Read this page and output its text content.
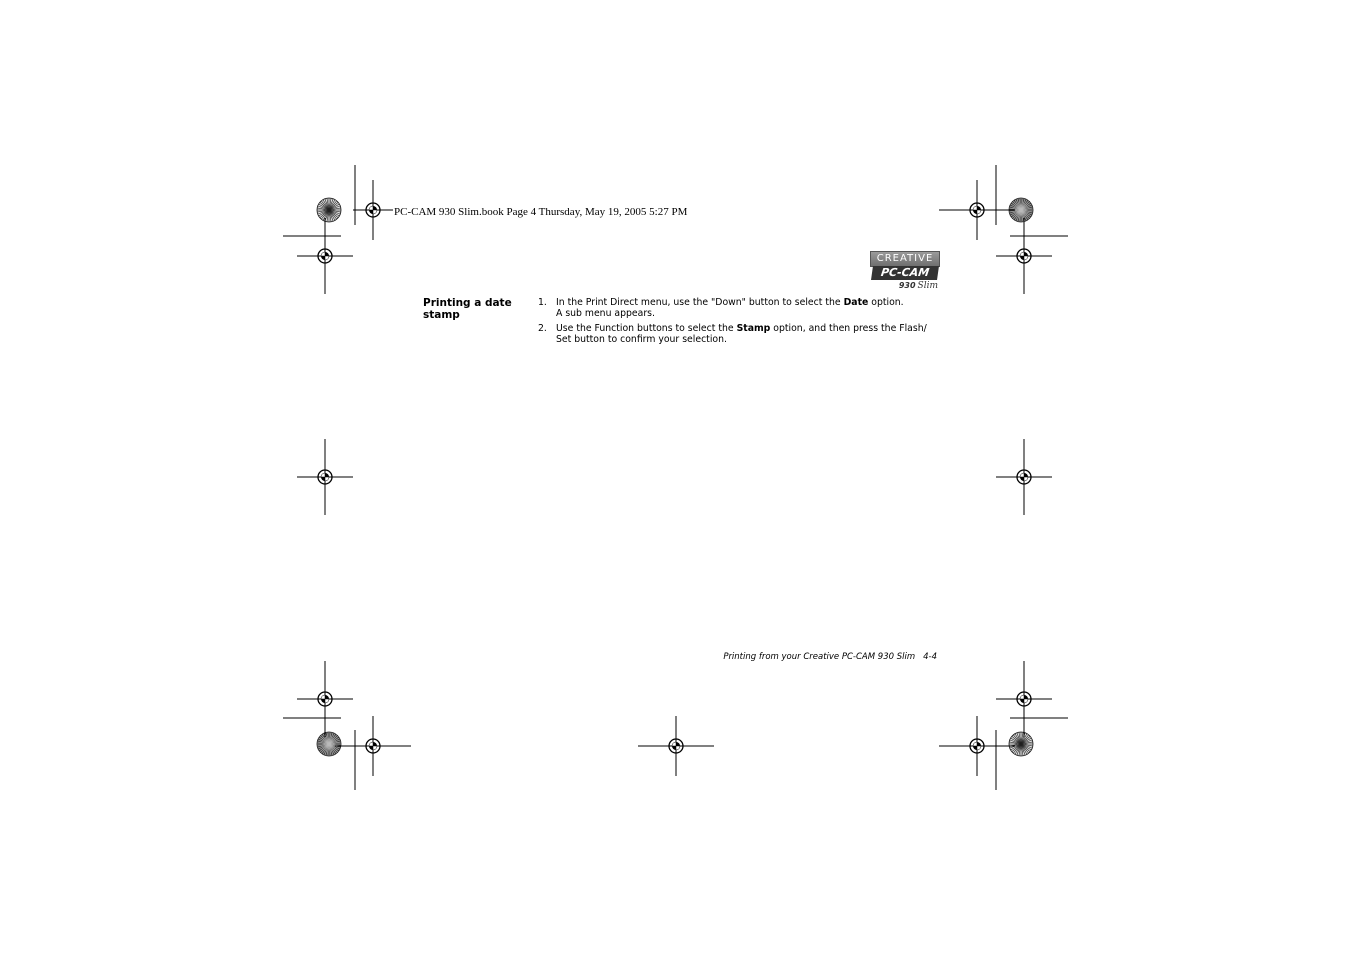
PC-CAM 930 Slim.book Page 4 Thursday, May 19, 2005 5:27 PM
CREATIVE
PC-CAM
930 Slim
Printing a date stamp
1. In the Print Direct menu, use the "Down" button to select the Date option.
A sub menu appears.
2. Use the Function buttons to select the Stamp option, and then press the Flash/
Set button to confirm your selection.
Printing from your Creative PC-CAM 930 Slim 4-4
